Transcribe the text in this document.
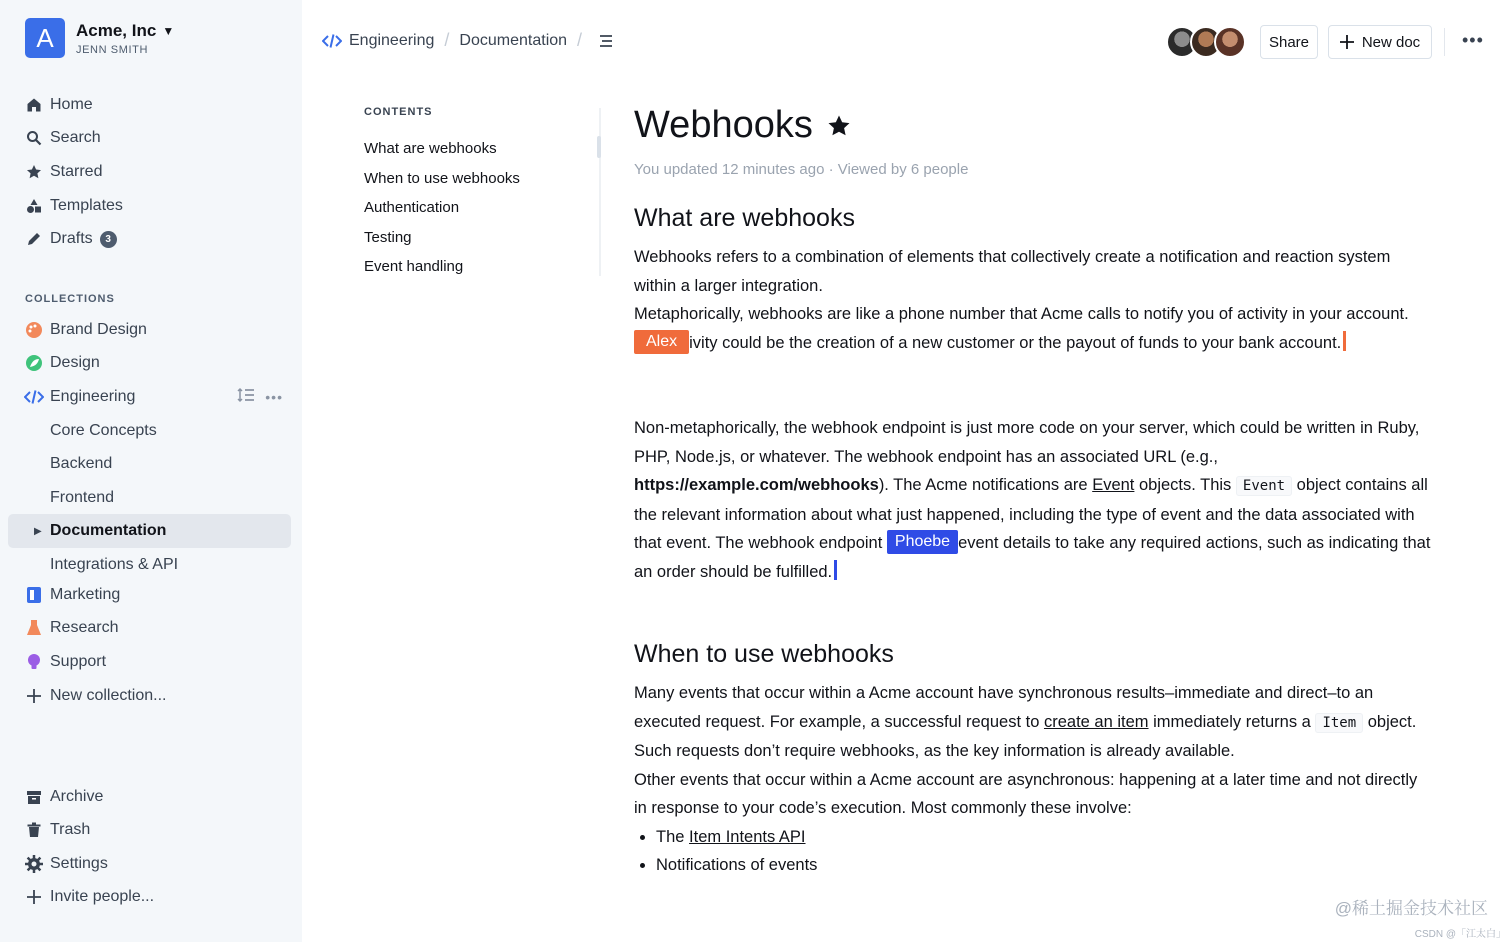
A	Acme, Inc ▼
JENN SMITH
Home
Search
Starred
Templates
Drafts	3
COLLECTIONS
Brand Design
Design
Engineering	•••
Core Concepts
Backend
Frontend
▶ Documentation
Integrations & API
Marketing
Research
Support
New collection...
Archive
Trash
Settings
Invite people...
Engineering / Documentation /	Share	New doc •••
CONTENTS
What are webhooks
When to use webhooks
Authentication
Testing
Event handling
Webhooks
You updated 12 minutes ago · Viewed by 6 people
What are webhooks

Webhooks refers to a combination of elements that collectively create a notification and reaction system within a larger integration.

Metaphorically, webhooks are like a phone number that Acme calls to notify you of activity in your account. Alex ivity could be the creation of a new customer or the payout of funds to your bank account.

Non-metaphorically, the webhook endpoint is just more code on your server, which could be written in Ruby, PHP, Node.js, or whatever. The webhook endpoint has an associated URL (e.g., https://example.com/webhooks). The Acme notifications are Event objects. This Event object contains all the relevant information about what just happened, including the type of event and the data associated with that event. The webhook endpoint Phoebe event details to take any required actions, such as indicating that an order should be fulfilled.

When to use webhooks

Many events that occur within a Acme account have synchronous results–immediate and direct–to an executed request. For example, a successful request to create an item immediately returns a Item object. Such requests don’t require webhooks, as the key information is already available.

Other events that occur within a Acme account are asynchronous: happening at a later time and not directly in response to your code’s execution. Most commonly these involve:

• The Item Intents API
• Notifications of events
@稀土掘金技术社区
CSDN @「江太白」
